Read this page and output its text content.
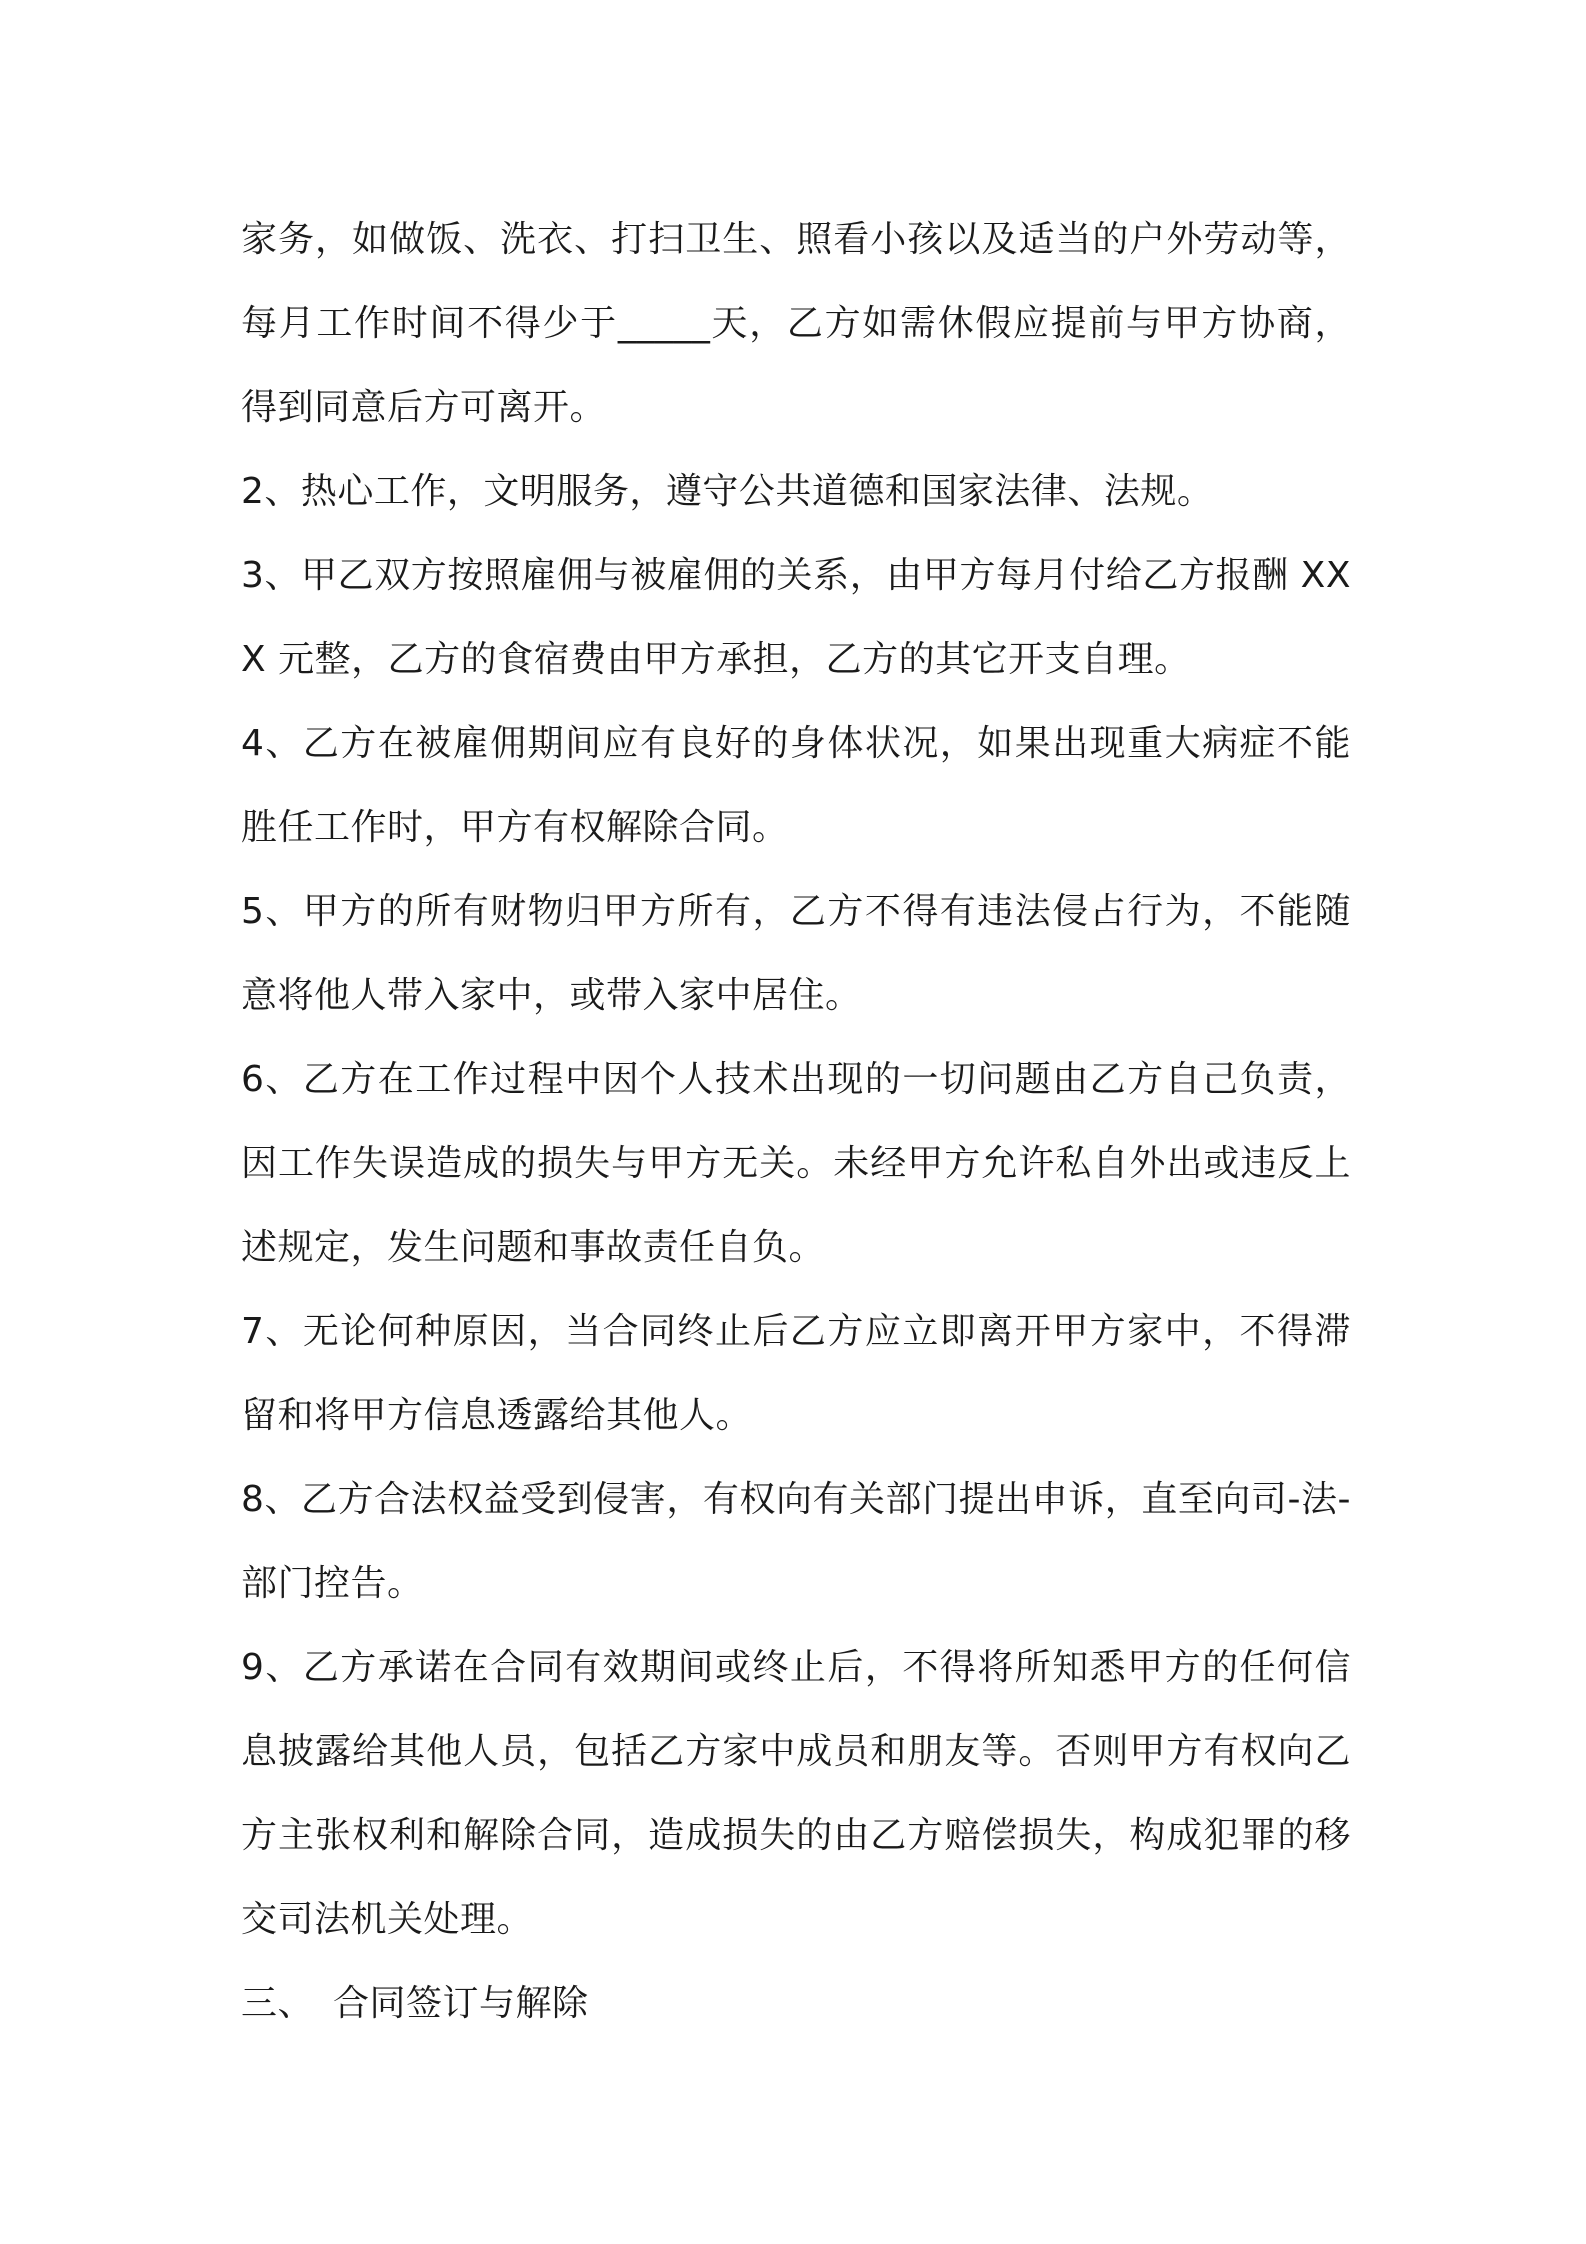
家务，如做饭、洗衣、打扫卫生、照看小孩以及适当的户外劳动等，每月工作时间不得少于_____天，乙方如需休假应提前与甲方协商，得到同意后方可离开。

2、热心工作，文明服务，遵守公共道德和国家法律、法规。

3、甲乙双方按照雇佣与被雇佣的关系，由甲方每月付给乙方报酬 XXX 元整，乙方的食宿费由甲方承担，乙方的其它开支自理。

4、乙方在被雇佣期间应有良好的身体状况，如果出现重大病症不能胜任工作时，甲方有权解除合同。

5、甲方的所有财物归甲方所有，乙方不得有违法侵占行为，不能随意将他人带入家中，或带入家中居住。

6、乙方在工作过程中因个人技术出现的一切问题由乙方自己负责，因工作失误造成的损失与甲方无关。未经甲方允许私自外出或违反上述规定，发生问题和事故责任自负。

7、无论何种原因，当合同终止后乙方应立即离开甲方家中，不得滞留和将甲方信息透露给其他人。

8、乙方合法权益受到侵害，有权向有关部门提出申诉，直至向司-法-部门控告。

9、乙方承诺在合同有效期间或终止后，不得将所知悉甲方的任何信息披露给其他人员，包括乙方家中成员和朋友等。否则甲方有权向乙方主张权利和解除合同，造成损失的由乙方赔偿损失，构成犯罪的移交司法机关处理。

三、 合同签订与解除
